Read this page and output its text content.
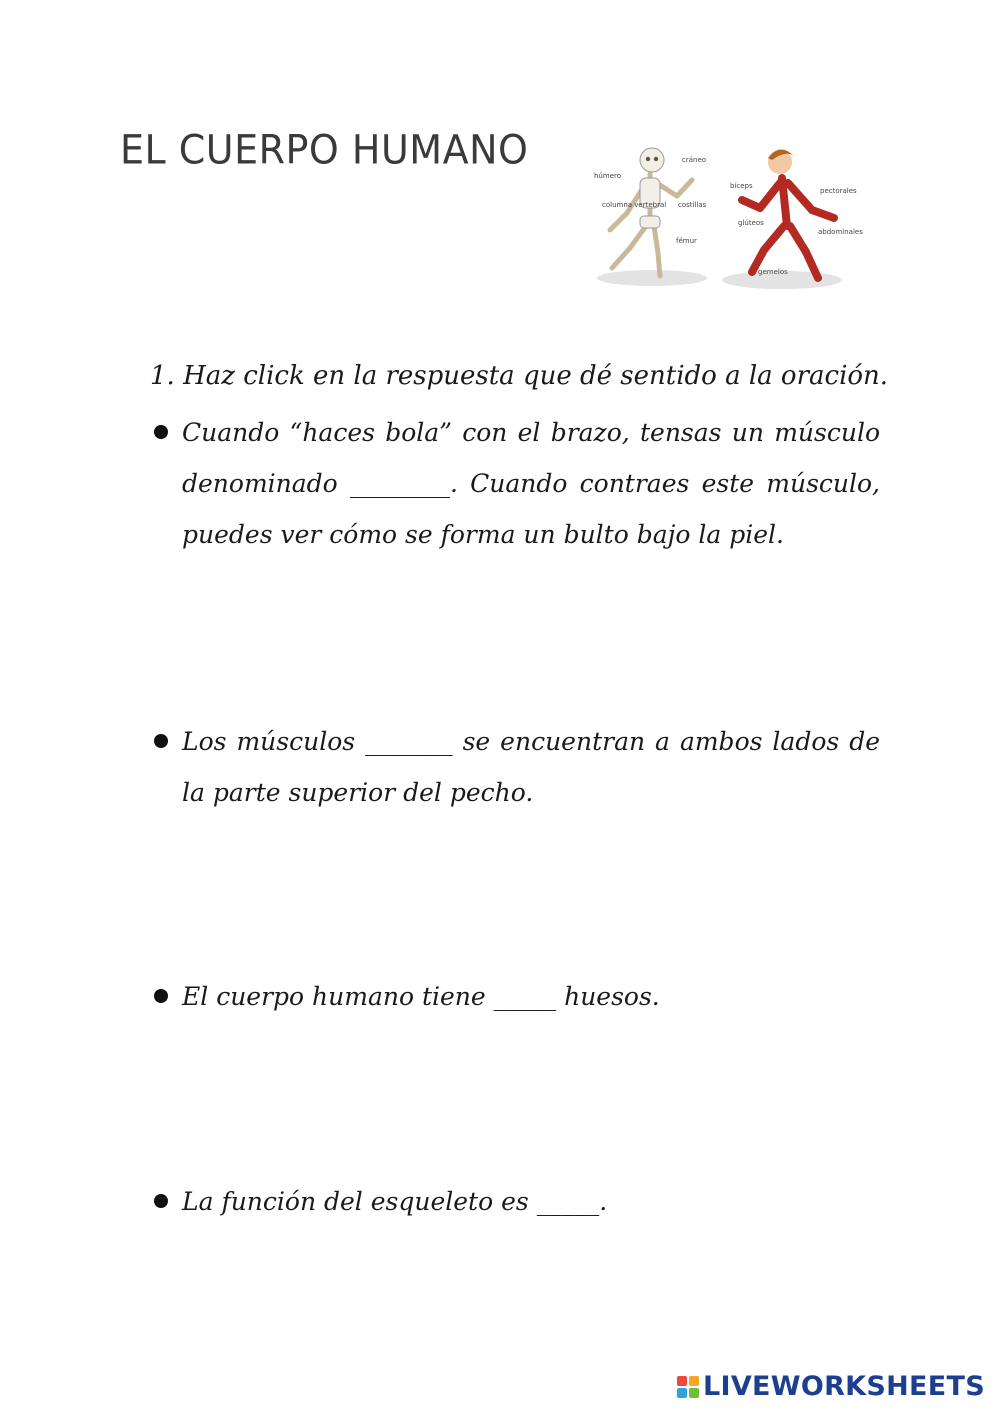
EL CUERPO HUMANO
húmero
cráneo
columna vertebral costillas
fémur
bíceps
pectorales
glúteos
abdominales
gemelos
1. Haz click en la respuesta que dé sentido a la oración.
Cuando “haces bola” con el brazo, tensas un músculo denominado ________. Cuando contraes este músculo, puedes ver cómo se forma un bulto bajo la piel.
Los músculos _______ se encuentran a ambos lados de la parte superior del pecho.
El cuerpo humano tiene _____ huesos.
La función del esqueleto es _____.
LIVEWORKSHEETS
